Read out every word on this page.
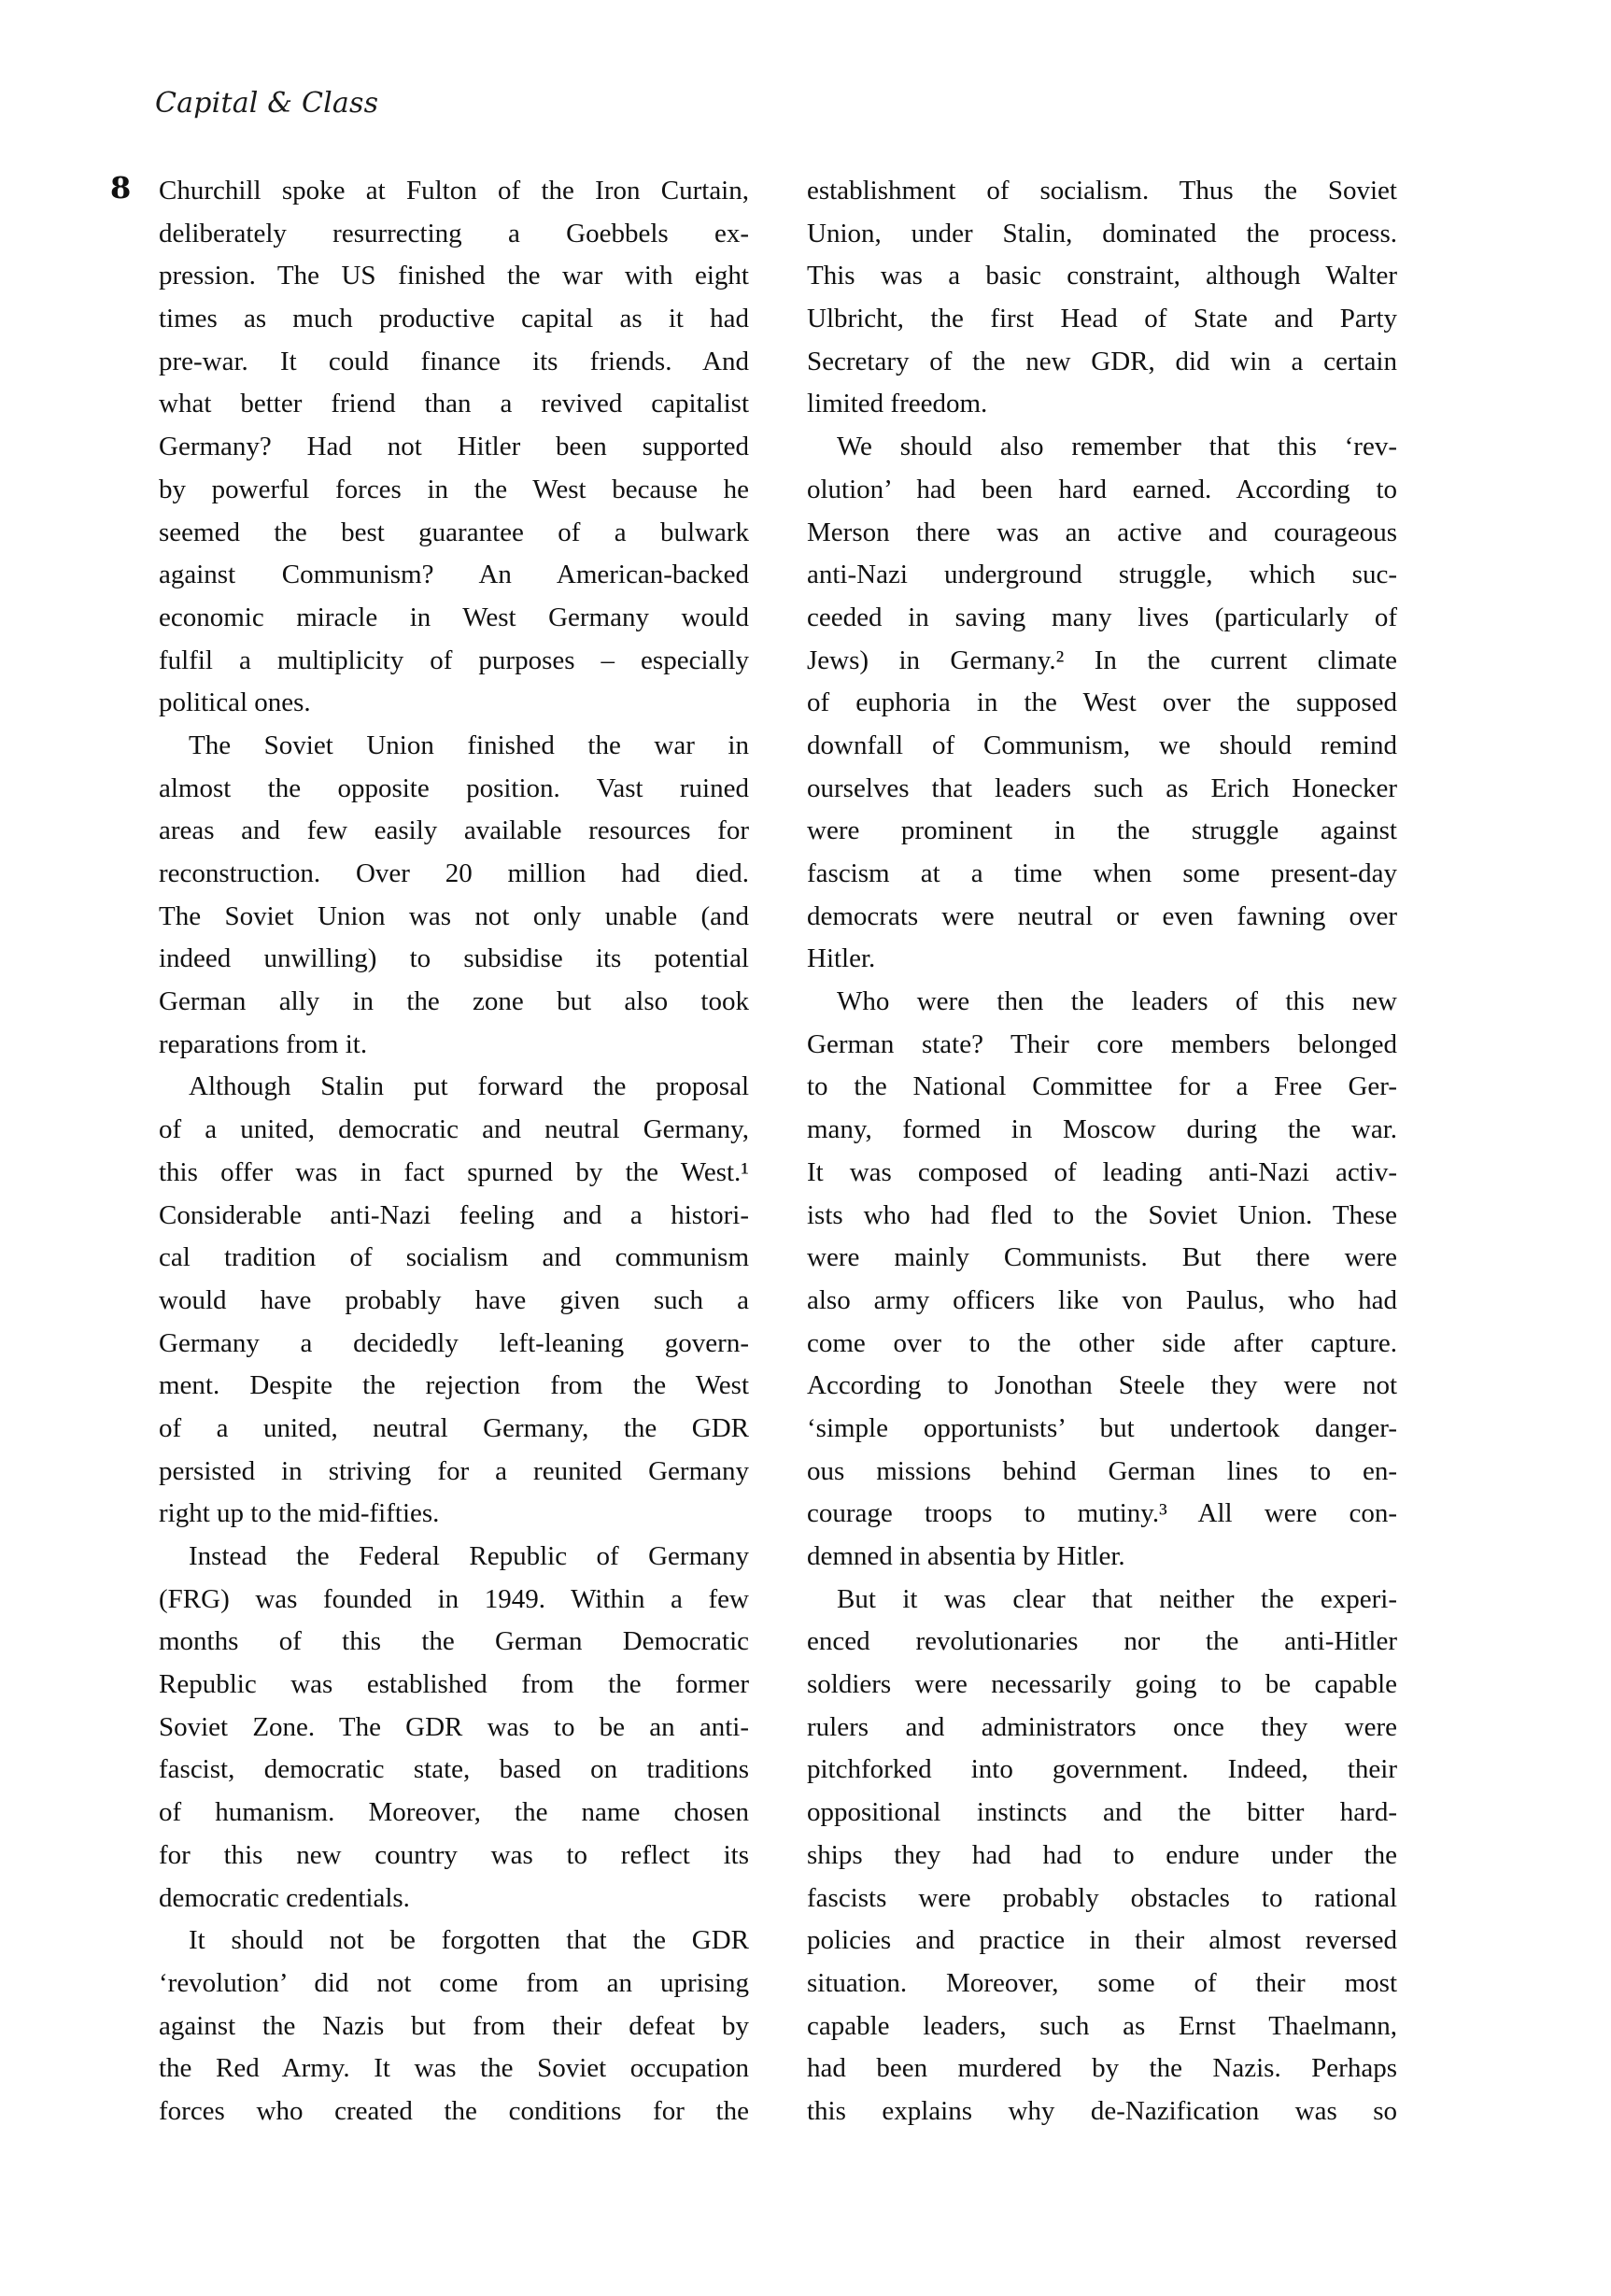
Capital & Class
8 Churchill spoke at Fulton of the Iron Curtain,
deliberately resurrecting a Goebbels ex-
pression. The US finished the war with eight
times as much productive capital as it had
pre-war. It could finance its friends. And
what better friend than a revived capitalist
Germany? Had not Hitler been supported
by powerful forces in the West because he
seemed the best guarantee of a bulwark
against Communism? An American-backed
economic miracle in West Germany would
fulfil a multiplicity of purposes – especially
political ones.
The Soviet Union finished the war in
almost the opposite position. Vast ruined
areas and few easily available resources for
reconstruction. Over 20 million had died.
The Soviet Union was not only unable (and
indeed unwilling) to subsidise its potential
German ally in the zone but also took
reparations from it.
Although Stalin put forward the proposal
of a united, democratic and neutral Germany,
this offer was in fact spurned by the West.¹
Considerable anti-Nazi feeling and a histori-
cal tradition of socialism and communism
would have probably have given such a
Germany a decidedly left-leaning govern-
ment. Despite the rejection from the West
of a united, neutral Germany, the GDR
persisted in striving for a reunited Germany
right up to the mid-fifties.
Instead the Federal Republic of Germany
(FRG) was founded in 1949. Within a few
months of this the German Democratic
Republic was established from the former
Soviet Zone. The GDR was to be an anti-
fascist, democratic state, based on traditions
of humanism. Moreover, the name chosen
for this new country was to reflect its
democratic credentials.
It should not be forgotten that the GDR
‘revolution’ did not come from an uprising
against the Nazis but from their defeat by
the Red Army. It was the Soviet occupation
forces who created the conditions for the
establishment of socialism. Thus the Soviet
Union, under Stalin, dominated the process.
This was a basic constraint, although Walter
Ulbricht, the first Head of State and Party
Secretary of the new GDR, did win a certain
limited freedom.
We should also remember that this ‘rev-
olution’ had been hard earned. According to
Merson there was an active and courageous
anti-Nazi underground struggle, which suc-
ceeded in saving many lives (particularly of
Jews) in Germany.² In the current climate
of euphoria in the West over the supposed
downfall of Communism, we should remind
ourselves that leaders such as Erich Honecker
were prominent in the struggle against
fascism at a time when some present-day
democrats were neutral or even fawning over
Hitler.
Who were then the leaders of this new
German state? Their core members belonged
to the National Committee for a Free Ger-
many, formed in Moscow during the war.
It was composed of leading anti-Nazi activ-
ists who had fled to the Soviet Union. These
were mainly Communists. But there were
also army officers like von Paulus, who had
come over to the other side after capture.
According to Jonothan Steele they were not
‘simple opportunists’ but undertook danger-
ous missions behind German lines to en-
courage troops to mutiny.³ All were con-
demned in absentia by Hitler.
But it was clear that neither the experi-
enced revolutionaries nor the anti-Hitler
soldiers were necessarily going to be capable
rulers and administrators once they were
pitchforked into government. Indeed, their
oppositional instincts and the bitter hard-
ships they had had to endure under the
fascists were probably obstacles to rational
policies and practice in their almost reversed
situation. Moreover, some of their most
capable leaders, such as Ernst Thaelmann,
had been murdered by the Nazis. Perhaps
this explains why de-Nazification was so
